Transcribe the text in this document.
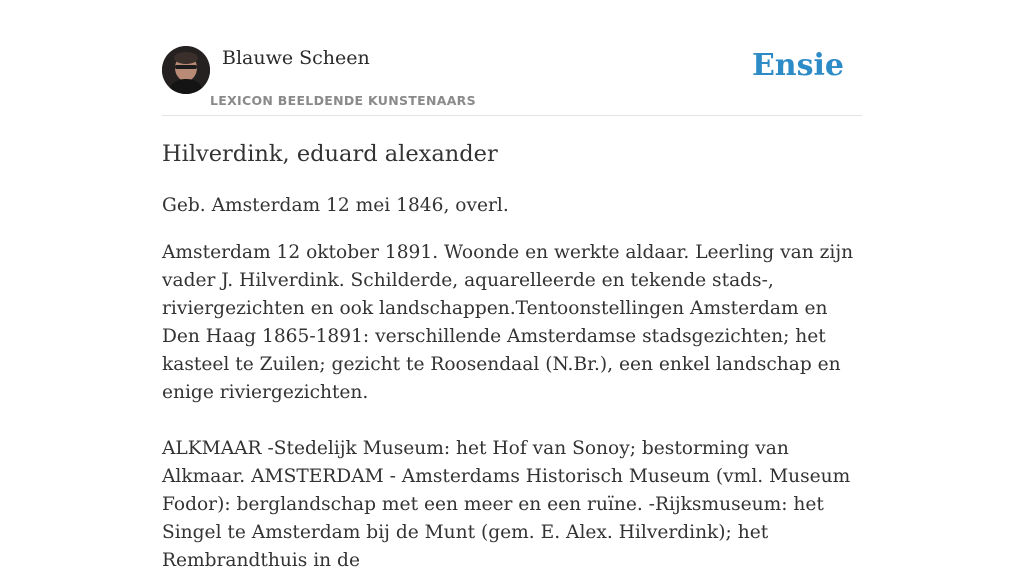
Blauwe Scheen
LEXICON BEELDENDE KUNSTENAARS
Ensie
Hilverdink, eduard alexander

Geb. Amsterdam 12 mei 1846, overl.

Amsterdam 12 oktober 1891. Woonde en werkte aldaar. Leerling van zijn vader J. Hilverdink. Schilderde, aquarelleerde en tekende stads-, riviergezichten en ook landschappen.Tentoonstellingen Amsterdam en Den Haag 1865-1891: verschillende Amsterdamse stadsgezichten; het kasteel te Zuilen; gezicht te Roosendaal (N.Br.), een enkel landschap en enige riviergezichten.

ALKMAAR -Stedelijk Museum: het Hof van Sonoy; bestorming van Alkmaar. AMSTERDAM - Amsterdams Historisch Museum (vml. Museum Fodor): berglandschap met een meer en een ruïne. -Rijksmuseum: het Singel te Amsterdam bij de Munt (gem. E. Alex. Hilverdink); het Rembrandthuis in de
